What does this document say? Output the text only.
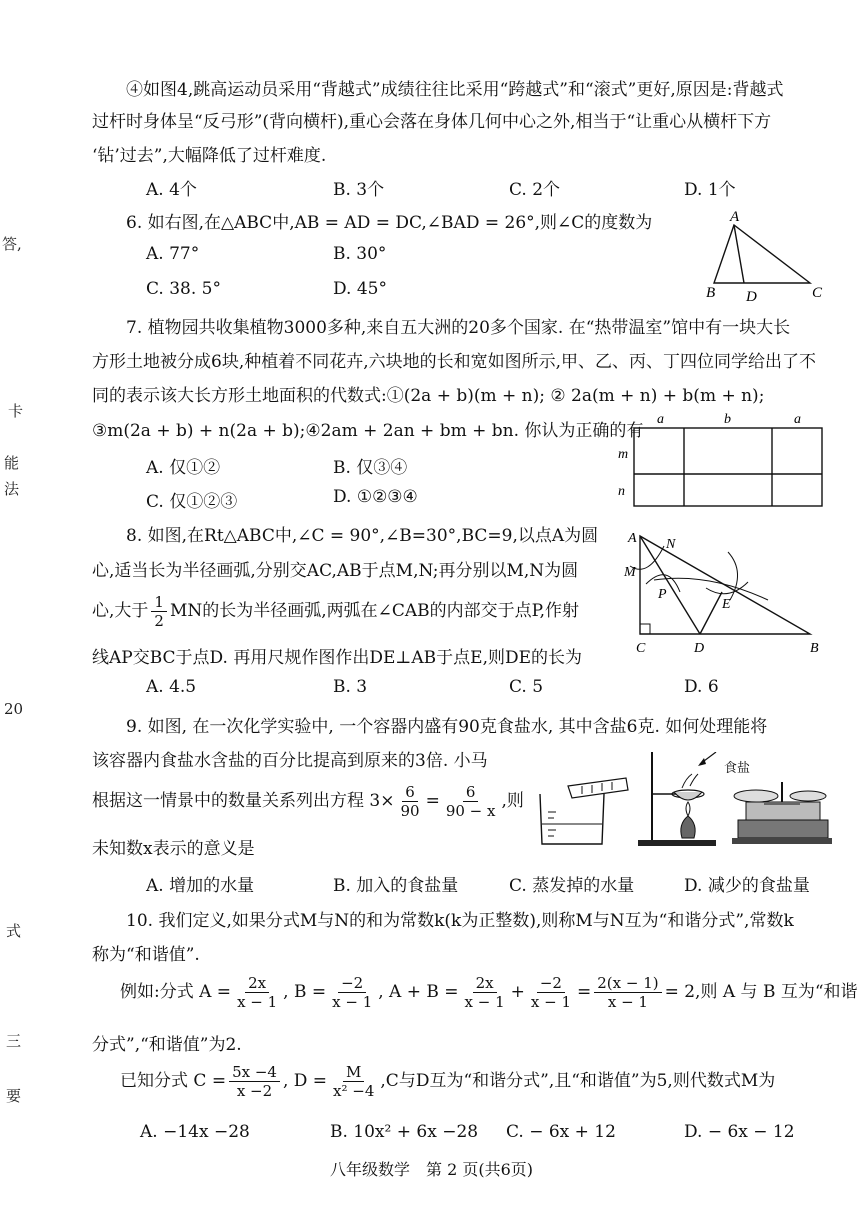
答,
卡
能
法
20
式
三
要
④如图4,跳高运动员采用“背越式”成绩往往比采用“跨越式”和“滚式”更好,原因是:背越式
过杆时身体呈“反弓形”(背向横杆),重心会落在身体几何中心之外,相当于“让重心从横杆下方
‘钻’过去”,大幅降低了过杆难度.
A. 4个	B. 3个	C. 2个	D. 1个
6. 如右图,在△ABC中,AB = AD = DC,∠BAD = 26°,则∠C的度数为
A. 77°	B. 30°
C. 38. 5°	D. 45°
A
B D	C
7. 植物园共收集植物3000多种,来自五大洲的20多个国家. 在“热带温室”馆中有一块大长
方形土地被分成6块,种植着不同花卉,六块地的长和宽如图所示,甲、乙、丙、丁四位同学给出了不
同的表示该大长方形土地面积的代数式:①(2a + b)(m + n); ② 2a(m + n) + b(m + n);
③m(2a + b) + n(2a + b);④2am + 2an + bm + bn. 你认为正确的有
A. 仅①②	B. 仅③④
C. 仅①②③	D. ①②③④
a	b	a
m
n
8. 如图,在Rt△ABC中,∠C = 90°,∠B=30°,BC=9,以点A为圆
心,适当长为半径画弧,分别交AC,AB于点M,N;再分别以M,N为圆
心,大于 $\frac{1}{2}$ MN的长为半径画弧,两弧在∠CAB的内部交于点P,作射
线AP交BC于点D. 再用尺规作图作出DE⊥AB于点E,则DE的长为
A. 4.5	B. 3	C. 5	D. 6
A N
M
P
E
C	D	B
9. 如图, 在一次化学实验中, 一个容器内盛有90克食盐水, 其中含盐6克. 如何处理能将
该容器内食盐水含盐的百分比提高到原来的3倍. 小马
根据这一情景中的数量关系列出方程 $3\times \frac{6}{90} = \frac{6}{90 - x}$ ,则
未知数x表示的意义是
A. 增加的水量	B. 加入的食盐量	C. 蒸发掉的水量	D. 减少的食盐量
食盐
10. 我们定义,如果分式M与N的和为常数k(k为正整数),则称M与N互为“和谐分式”,常数k
称为“和谐值”.
例如:分式 $A = \frac{2x}{x - 1}$ , $B = \frac{-2}{x - 1}$ , $A + B = \frac{2x}{x - 1} + \frac{-2}{x - 1} = \frac{2(x - 1)}{x - 1} = 2$,则 A 与 B 互为“和谐
分式”,“和谐值”为2.
已知分式 $C = \frac{5x -4}{x -2}$ , $D = \frac{M}{\text{x² −4}} ,C$与D互为“和谐分式”,且“和谐值”为5,则代数式M为
A. −14x −28	B. 10x² + 6x −28 C. − 6x + 12	D. − 6x − 12
八年级数学　第 2 页(共6页)
